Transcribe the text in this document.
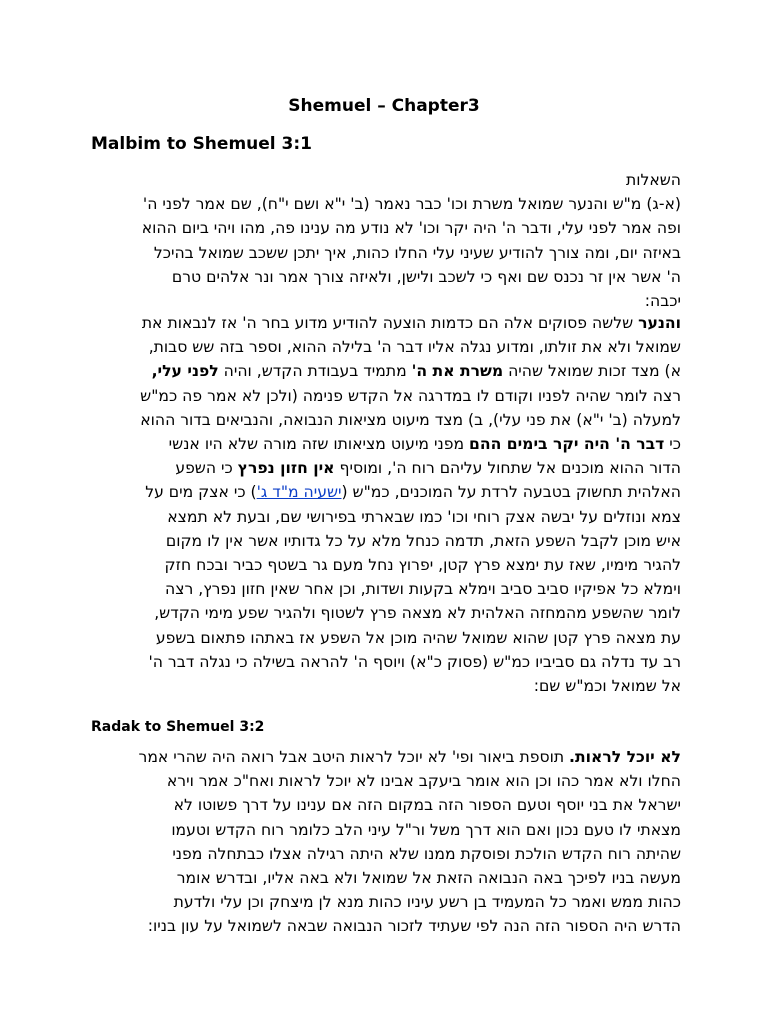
Shemuel – Chapter3
Malbim to Shemuel 3:1
השאלות
(א-ג) מ"ש והנער שמואל משרת וכו' כבר נאמר (ב' י"א ושם י"ח), שם אמר לפני ה'
ופה אמר לפני עלי, ודבר ה' היה יקר וכו' לא נודע מה ענינו פה, מהו ויהי ביום ההוא
באיזה יום, ומה צורך להודיע שעיני עלי החלו כהות, איך יתכן ששכב שמואל בהיכל
ה' אשר אין זר נכנס שם ואף כי לשכב ולישן, ולאיזה צורך אמר ונר אלהים טרם
יכבה:
והנער שלשה פסוקים אלה הם כדמות הוצעה להודיע מדוע בחר ה' אז לנבאות את
שמואל ולא את זולתו, ומדוע נגלה אליו דבר ה' בלילה ההוא, וספר בזה שש סבות,
א) מצד זכות שמואל שהיה משרת את ה' מתמיד בעבודת הקדש, והיה לפני עלי,
רצה לומר שהיה לפניו וקודם לו במדרגה אל הקדש פנימה (ולכן לא אמר פה כמ"ש
למעלה (ב' י"א) את פני עלי), ב) מצד מיעוט מציאות הנבואה, והנביאים בדור ההוא
כי דבר ה' היה יקר בימים ההם מפני מיעוט מציאותו שזה מורה שלא היו אנשי
הדור ההוא מוכנים אל שתחול עליהם רוח ה', ומוסיף אין חזון נפרץ כי השפע
האלהית תחשוק בטבעה לרדת על המוכנים, כמ"ש (ישעיה מ"ד ג') כי אצק מים על
צמא ונוזלים על יבשה אצק רוחי וכו' כמו שבארתי בפירושי שם, ובעת לא תמצא
איש מוכן לקבל השפע הזאת, תדמה כנחל מלא על כל גדותיו אשר אין לו מקום
להגיר מימיו, שאז עת ימצא פרץ קטן, יפרוץ נחל מעם גר בשטף כביר ובכח חזק
וימלא כל אפיקיו סביב סביב וימלא בקעות ושדות, וכן אחר שאין חזון נפרץ, רצה
לומר שהשפע מהמחזה האלהית לא מצאה פרץ לשטוף ולהגיר שפע מימי הקדש,
עת מצאה פרץ קטן שהוא שמואל שהיה מוכן אל השפע אז באתהו פתאום בשפע
רב עד נדלה גם סביביו כמ"ש (פסוק כ"א) ויוסף ה' להראה בשילה כי נגלה דבר ה'
אל שמואל וכמ"ש שם:
Radak to Shemuel 3:2
לא יוכל לראות. תוספת ביאור ופי' לא יוכל לראות היטב אבל רואה היה שהרי אמר
החלו ולא אמר כהו וכן הוא אומר ביעקב אבינו לא יוכל לראות ואח"כ אמר וירא
ישראל את בני יוסף וטעם הספור הזה במקום הזה אם ענינו על דרך פשוטו לא
מצאתי לו טעם נכון ואם הוא דרך משל ור"ל עיני הלב כלומר רוח הקדש וטעמו
שהיתה רוח הקדש הולכת ופוסקת ממנו שלא היתה רגילה אצלו כבתחלה מפני
מעשה בניו לפיכך באה הנבואה הזאת אל שמואל ולא באה אליו, ובדרש אומר
כהות ממש ואמר כל המעמיד בן רשע עיניו כהות מנא לן מיצחק וכן עלי ולדעת
הדרש היה הספור הזה הנה לפי שעתיד לזכור הנבואה שבאה לשמואל על עון בניו:
